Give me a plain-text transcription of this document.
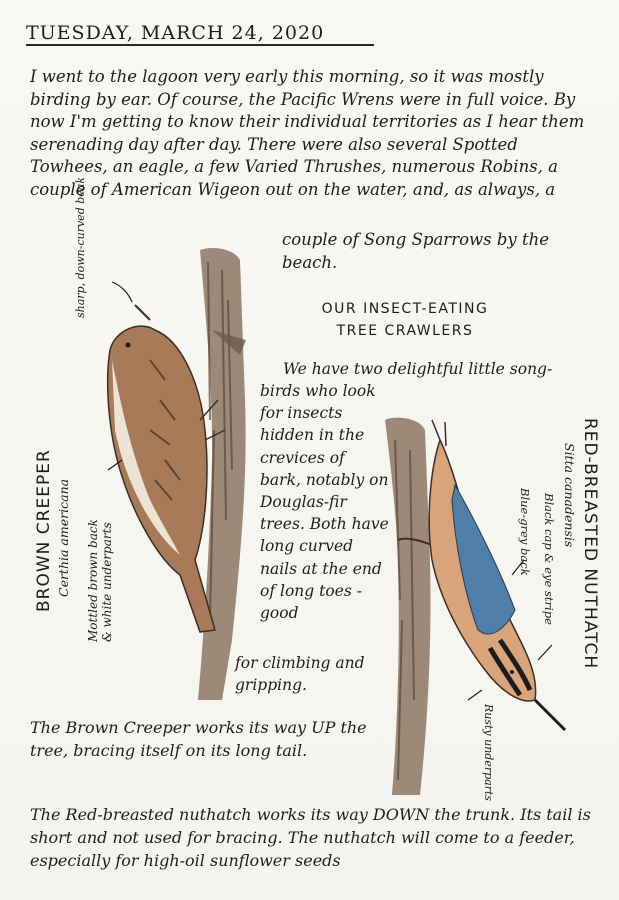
TUESDAY, MARCH 24, 2020
I went to the lagoon very early this morning, so it was mostly birding by ear. Of course, the Pacific Wrens were in full voice. By now I'm getting to know their individual territories as I hear them serenading day after day. There were also several Spotted Towhees, an eagle, a few Varied Thrushes, numerous Robins, a couple of American Wigeon out on the water, and, as always, a
couple of Song Sparrows by the beach.
OUR INSECT-EATING
TREE CRAWLERS
We have two delightful little song-
birds who look for insects hidden in the crevices of bark, notably on Douglas-fir trees. Both have long curved nails at the end of long toes - good
for climbing and gripping.
BROWN CREEPER Certhia americana Mottled brown back & white underparts
sharp, down-curved beak
RED-BREASTED NUTHATCH
Sitta canadensis
Black cap & eye stripe
Blue-grey back
Rusty underparts
The Brown Creeper works its way UP the tree, bracing itself on its long tail.
The Red-breasted nuthatch works its way DOWN the trunk. Its tail is short and not used for bracing. The nuthatch will come to a feeder, especially for high-oil sunflower seeds
